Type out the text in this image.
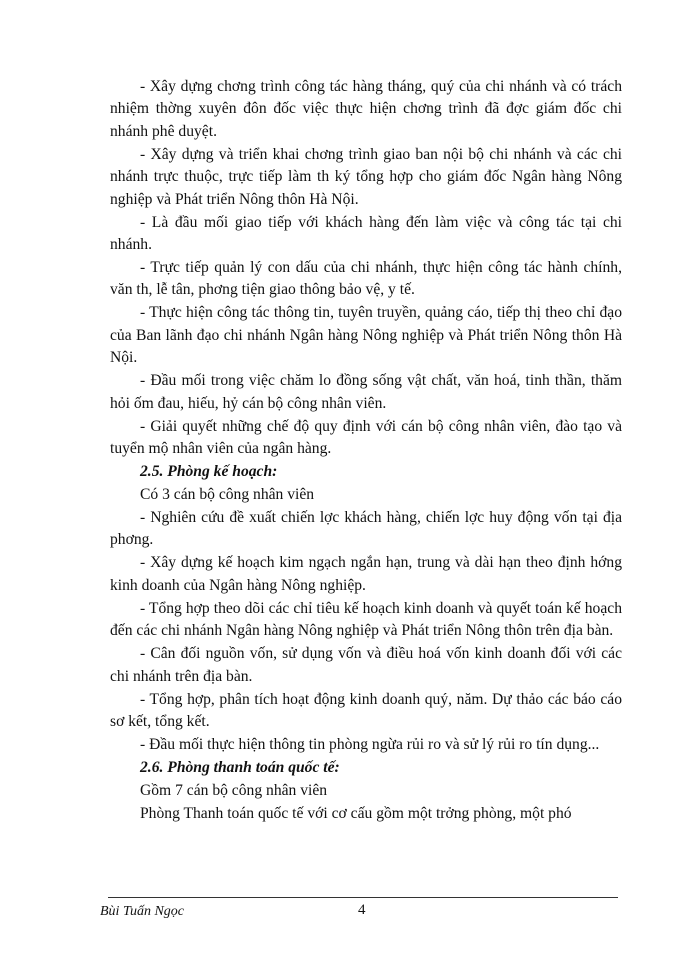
- Xây dựng chơng trình công tác hàng tháng, quý của chi nhánh và có trách nhiệm thờng xuyên đôn đốc việc thực hiện chơng trình đã đợc giám đốc chi nhánh phê duyệt.

- Xây dựng và triển khai chơng trình giao ban nội bộ chi nhánh và các chi nhánh trực thuộc, trực tiếp làm th ký tổng hợp cho giám đốc Ngân hàng Nông nghiệp và Phát triển Nông thôn Hà Nội.

- Là đầu mối giao tiếp với khách hàng đến làm việc và công tác tại chi nhánh.

- Trực tiếp quản lý con dấu của chi nhánh, thực hiện công tác hành chính, văn th, lễ tân, phơng tiện giao thông bảo vệ, y tế.

- Thực hiện công tác thông tin, tuyên truyền, quảng cáo, tiếp thị theo chỉ đạo của Ban lãnh đạo chi nhánh Ngân hàng Nông nghiệp và Phát triển Nông thôn Hà Nội.

- Đầu mối trong việc chăm lo đồng sống vật chất, văn hoá, tinh thần, thăm hỏi ốm đau, hiếu, hỷ cán bộ công nhân viên.

- Giải quyết những chế độ quy định với cán bộ công nhân viên, đào tạo và tuyển mộ nhân viên của ngân hàng.

2.5. Phòng kế hoạch:

Có 3 cán bộ công nhân viên

- Nghiên cứu đề xuất chiến lợc khách hàng, chiến lợc huy động vốn tại địa phơng.

- Xây dựng kế hoạch kim ngạch ngắn hạn, trung và dài hạn theo định hớng kinh doanh của Ngân hàng Nông nghiệp.

- Tổng hợp theo dõi các chỉ tiêu kế hoạch kinh doanh và quyết toán kế hoạch đến các chi nhánh Ngân hàng Nông nghiệp và Phát triển Nông thôn trên địa bàn.

- Cân đối nguồn vốn, sử dụng vốn và điều hoá vốn kinh doanh đối với các chi nhánh trên địa bàn.

- Tổng hợp, phân tích hoạt động kinh doanh quý, năm. Dự thảo các báo cáo sơ kết, tổng kết.

- Đầu mối thực hiện thông tin phòng ngừa rủi ro và sử lý rủi ro tín dụng...

2.6. Phòng thanh toán quốc tế:

Gồm 7 cán bộ công nhân viên

Phòng Thanh toán quốc tế với cơ cấu gồm một trởng phòng, một phó

Bùi Tuấn Ngọc	4
